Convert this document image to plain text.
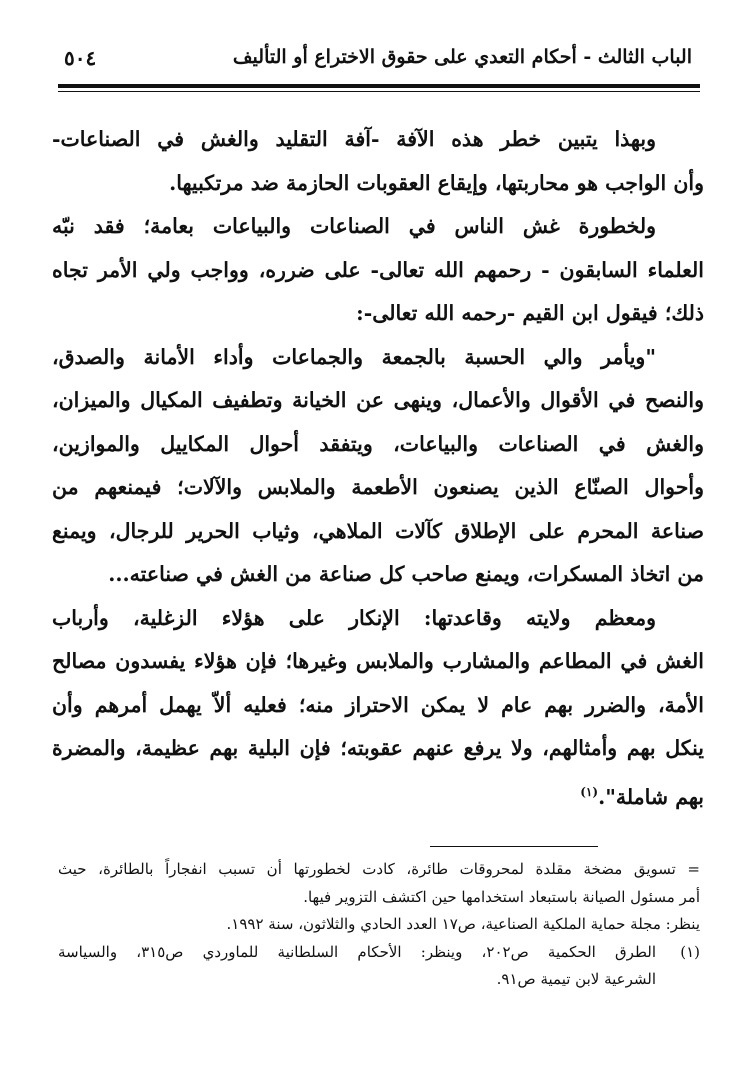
الباب الثالث - أحكام التعدي على حقوق الاختراع أو التأليف
٥٠٤
وبهذا يتبين خطر هذه الآفة -آفة التقليد والغش في الصناعات-
وأن الواجب هو محاربتها، وإيقاع العقوبات الحازمة ضد مرتكبيها.
ولخطورة غش الناس في الصناعات والبياعات بعامة؛ فقد نبّه
العلماء السابقون - رحمهم الله تعالى- على ضرره، وواجب ولي الأمر تجاه
ذلك؛ فيقول ابن القيم -رحمه الله تعالى-:
"ويأمر والي الحسبة بالجمعة والجماعات وأداء الأمانة والصدق،
والنصح في الأقوال والأعمال، وينهى عن الخيانة وتطفيف المكيال والميزان،
والغش في الصناعات والبياعات، ويتفقد أحوال المكاييل والموازين،
وأحوال الصنّاع الذين يصنعون الأطعمة والملابس والآلات؛ فيمنعهم من
صناعة المحرم على الإطلاق كآلات الملاهي، وثياب الحرير للرجال، ويمنع
من اتخاذ المسكرات، ويمنع صاحب كل صناعة من الغش في صناعته...
ومعظم ولايته وقاعدتها: الإنكار على هؤلاء الزغلية، وأرباب
الغش في المطاعم والمشارب والملابس وغيرها؛ فإن هؤلاء يفسدون مصالح
الأمة، والضرر بهم عام لا يمكن الاحتراز منه؛ فعليه ألاّ يهمل أمرهم وأن
ينكل بهم وأمثالهم، ولا يرفع عنهم عقوبته؛ فإن البلية بهم عظيمة، والمضرة
بهم شاملة".$^{(١)}$
= تسويق مضخة مقلدة لمحروقات طائرة، كادت لخطورتها أن تسبب انفجاراً بالطائرة، حيث
أمر مسئول الصيانة باستبعاد استخدامها حين اكتشف التزوير فيها.
ينظر: مجلة حماية الملكية الصناعية، ص١٧ العدد الحادي والثلاثون، سنة ١٩٩٢.
(١)
الطرق الحكمية ص٢٠٢، وينظر: الأحكام السلطانية للماوردي ص٣١٥، والسياسة
الشرعية لابن تيمية ص٩١.
